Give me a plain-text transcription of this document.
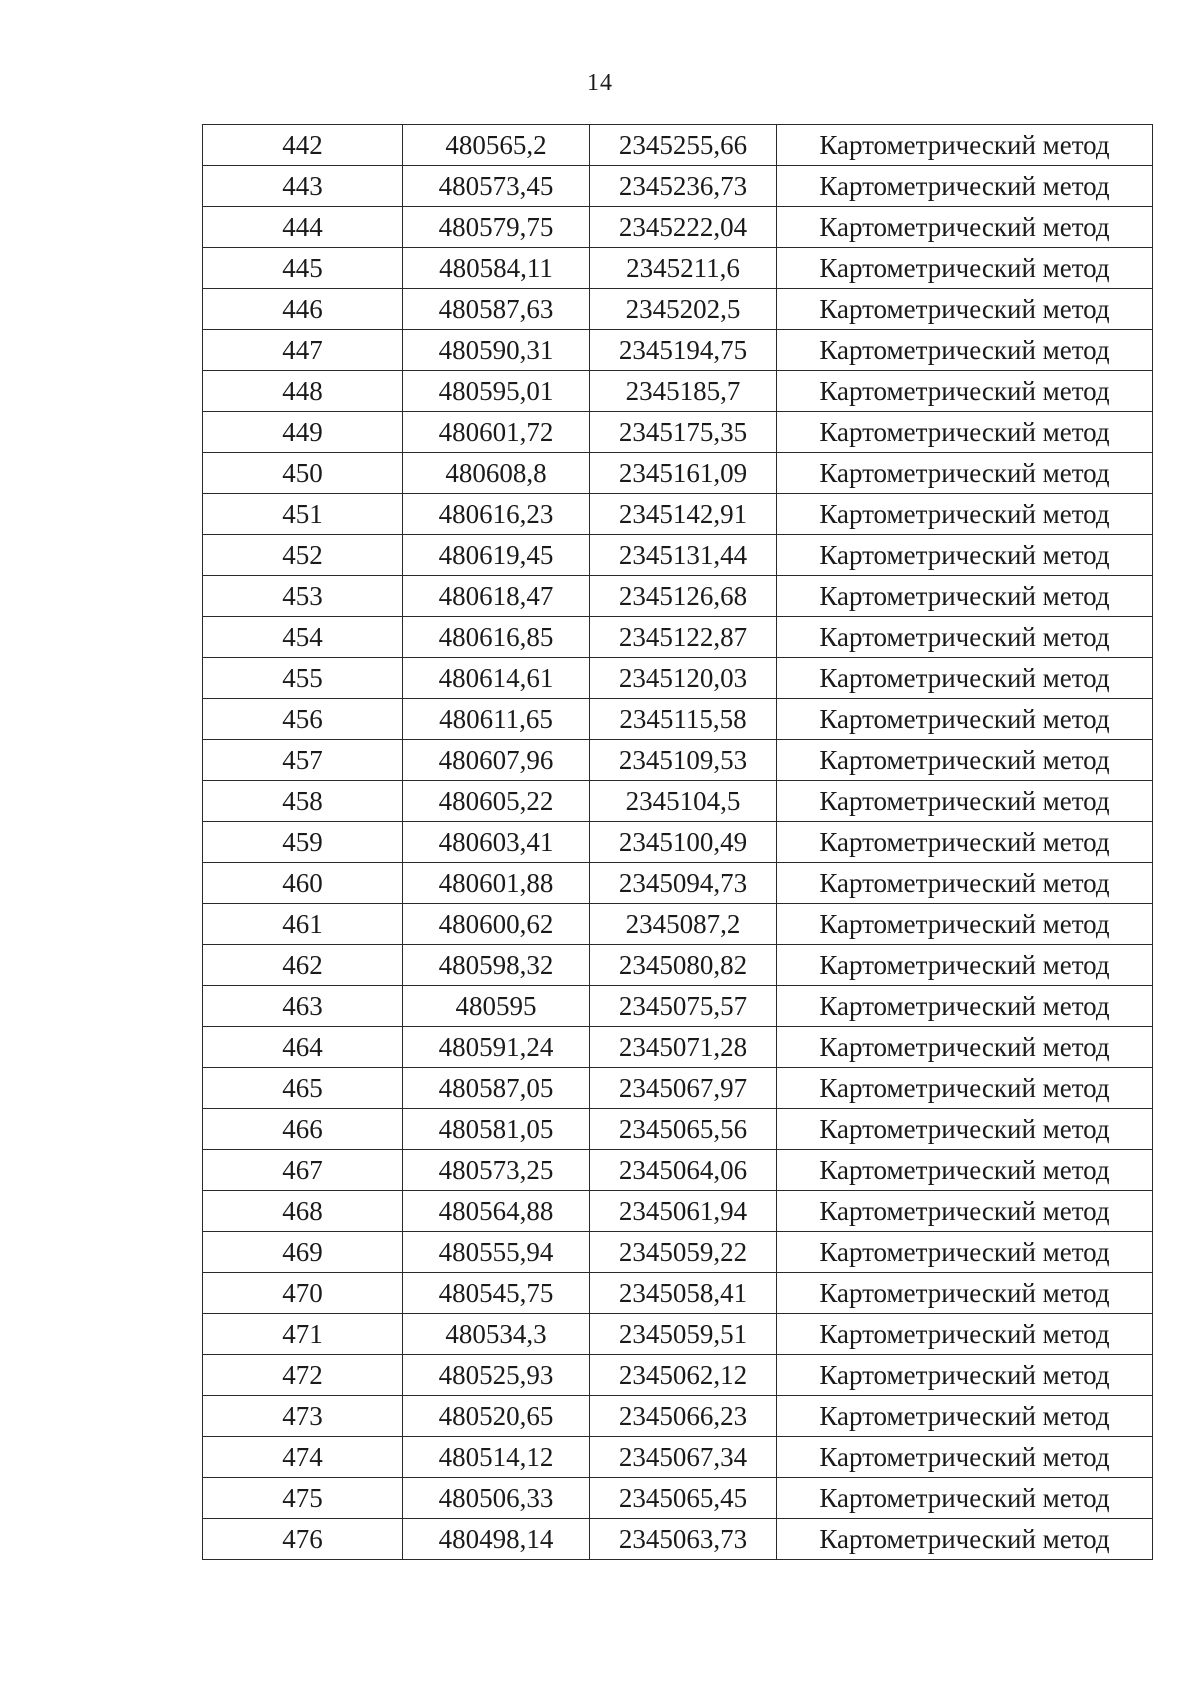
14
442	480565,2	2345255,66	Картометрический метод
443	480573,45	2345236,73	Картометрический метод
444	480579,75	2345222,04	Картометрический метод
445	480584,11	2345211,6	Картометрический метод
446	480587,63	2345202,5	Картометрический метод
447	480590,31	2345194,75	Картометрический метод
448	480595,01	2345185,7	Картометрический метод
449	480601,72	2345175,35	Картометрический метод
450	480608,8	2345161,09	Картометрический метод
451	480616,23	2345142,91	Картометрический метод
452	480619,45	2345131,44	Картометрический метод
453	480618,47	2345126,68	Картометрический метод
454	480616,85	2345122,87	Картометрический метод
455	480614,61	2345120,03	Картометрический метод
456	480611,65	2345115,58	Картометрический метод
457	480607,96	2345109,53	Картометрический метод
458	480605,22	2345104,5	Картометрический метод
459	480603,41	2345100,49	Картометрический метод
460	480601,88	2345094,73	Картометрический метод
461	480600,62	2345087,2	Картометрический метод
462	480598,32	2345080,82	Картометрический метод
463	480595	2345075,57	Картометрический метод
464	480591,24	2345071,28	Картометрический метод
465	480587,05	2345067,97	Картометрический метод
466	480581,05	2345065,56	Картометрический метод
467	480573,25	2345064,06	Картометрический метод
468	480564,88	2345061,94	Картометрический метод
469	480555,94	2345059,22	Картометрический метод
470	480545,75	2345058,41	Картометрический метод
471	480534,3	2345059,51	Картометрический метод
472	480525,93	2345062,12	Картометрический метод
473	480520,65	2345066,23	Картометрический метод
474	480514,12	2345067,34	Картометрический метод
475	480506,33	2345065,45	Картометрический метод
476	480498,14	2345063,73	Картометрический метод
